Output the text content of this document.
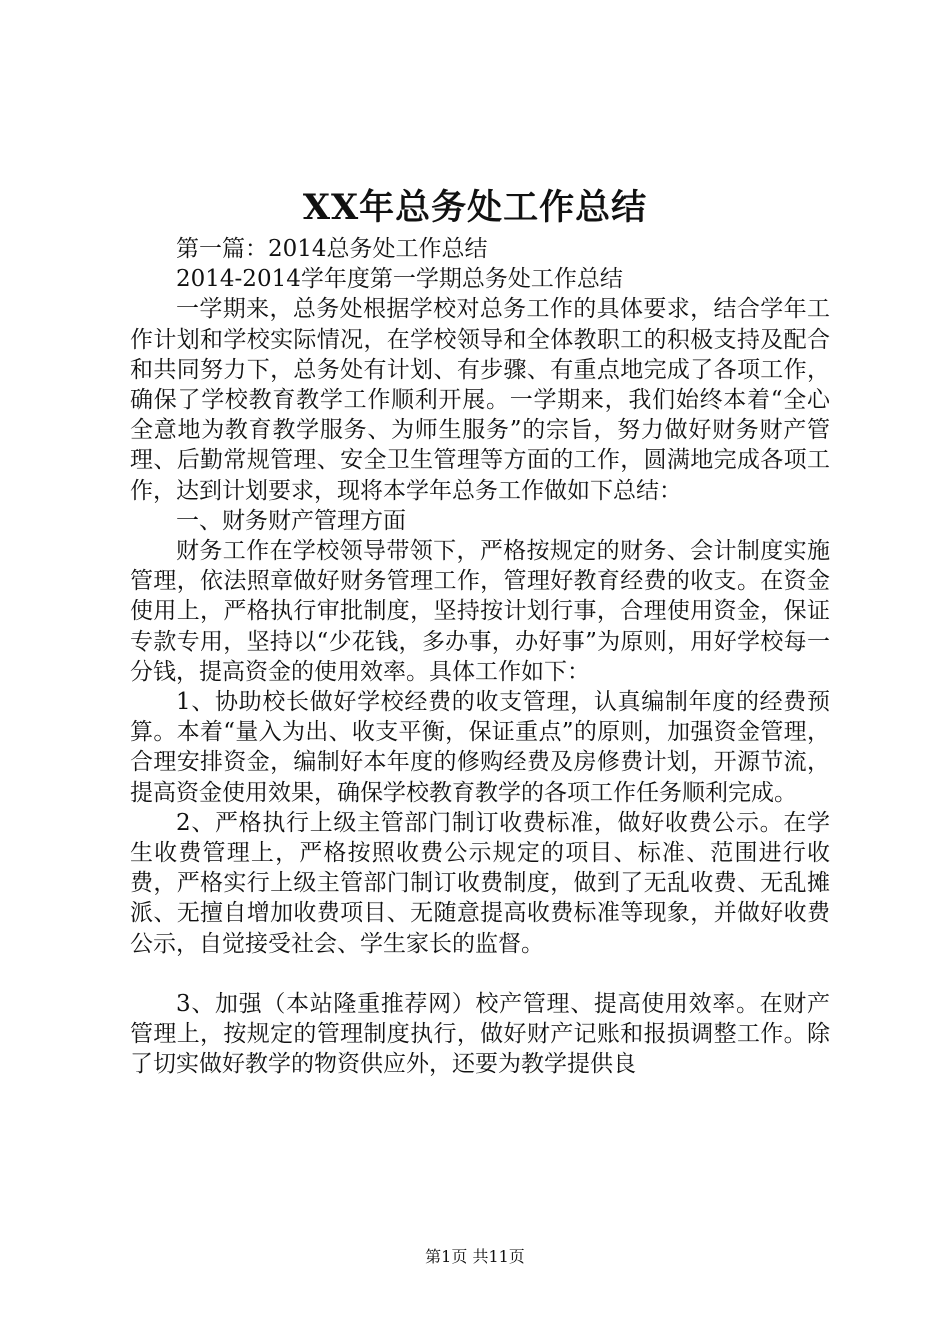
XX年总务处工作总结

第一篇：2014总务处工作总结

2014-2014学年度第一学期总务处工作总结

一学期来，总务处根据学校对总务工作的具体要求，结合学年工作计划和学校实际情况，在学校领导和全体教职工的积极支持及配合和共同努力下，总务处有计划、有步骤、有重点地完成了各项工作，确保了学校教育教学工作顺利开展。一学期来，我们始终本着“全心全意地为教育教学服务、为师生服务”的宗旨，努力做好财务财产管理、后勤常规管理、安全卫生管理等方面的工作，圆满地完成各项工作，达到计划要求，现将本学年总务工作做如下总结：

一、财务财产管理方面

财务工作在学校领导带领下，严格按规定的财务、会计制度实施管理，依法照章做好财务管理工作，管理好教育经费的收支。在资金使用上，严格执行审批制度，坚持按计划行事，合理使用资金，保证专款专用，坚持以“少花钱，多办事，办好事”为原则，用好学校每一分钱，提高资金的使用效率。具体工作如下：

1、协助校长做好学校经费的收支管理，认真编制年度的经费预算。本着“量入为出、收支平衡，保证重点”的原则，加强资金管理，合理安排资金，编制好本年度的修购经费及房修费计划，开源节流，提高资金使用效果，确保学校教育教学的各项工作任务顺利完成。

2、严格执行上级主管部门制订收费标准，做好收费公示。在学生收费管理上，严格按照收费公示规定的项目、标准、范围进行收费，严格实行上级主管部门制订收费制度，做到了无乱收费、无乱摊派、无擅自增加收费项目、无随意提高收费标准等现象，并做好收费公示，自觉接受社会、学生家长的监督。

3、加强（本站隆重推荐网）校产管理、提高使用效率。在财产管理上，按规定的管理制度执行，做好财产记账和报损调整工作。除了切实做好教学的物资供应外，还要为教学提供良

第1页 共11页
